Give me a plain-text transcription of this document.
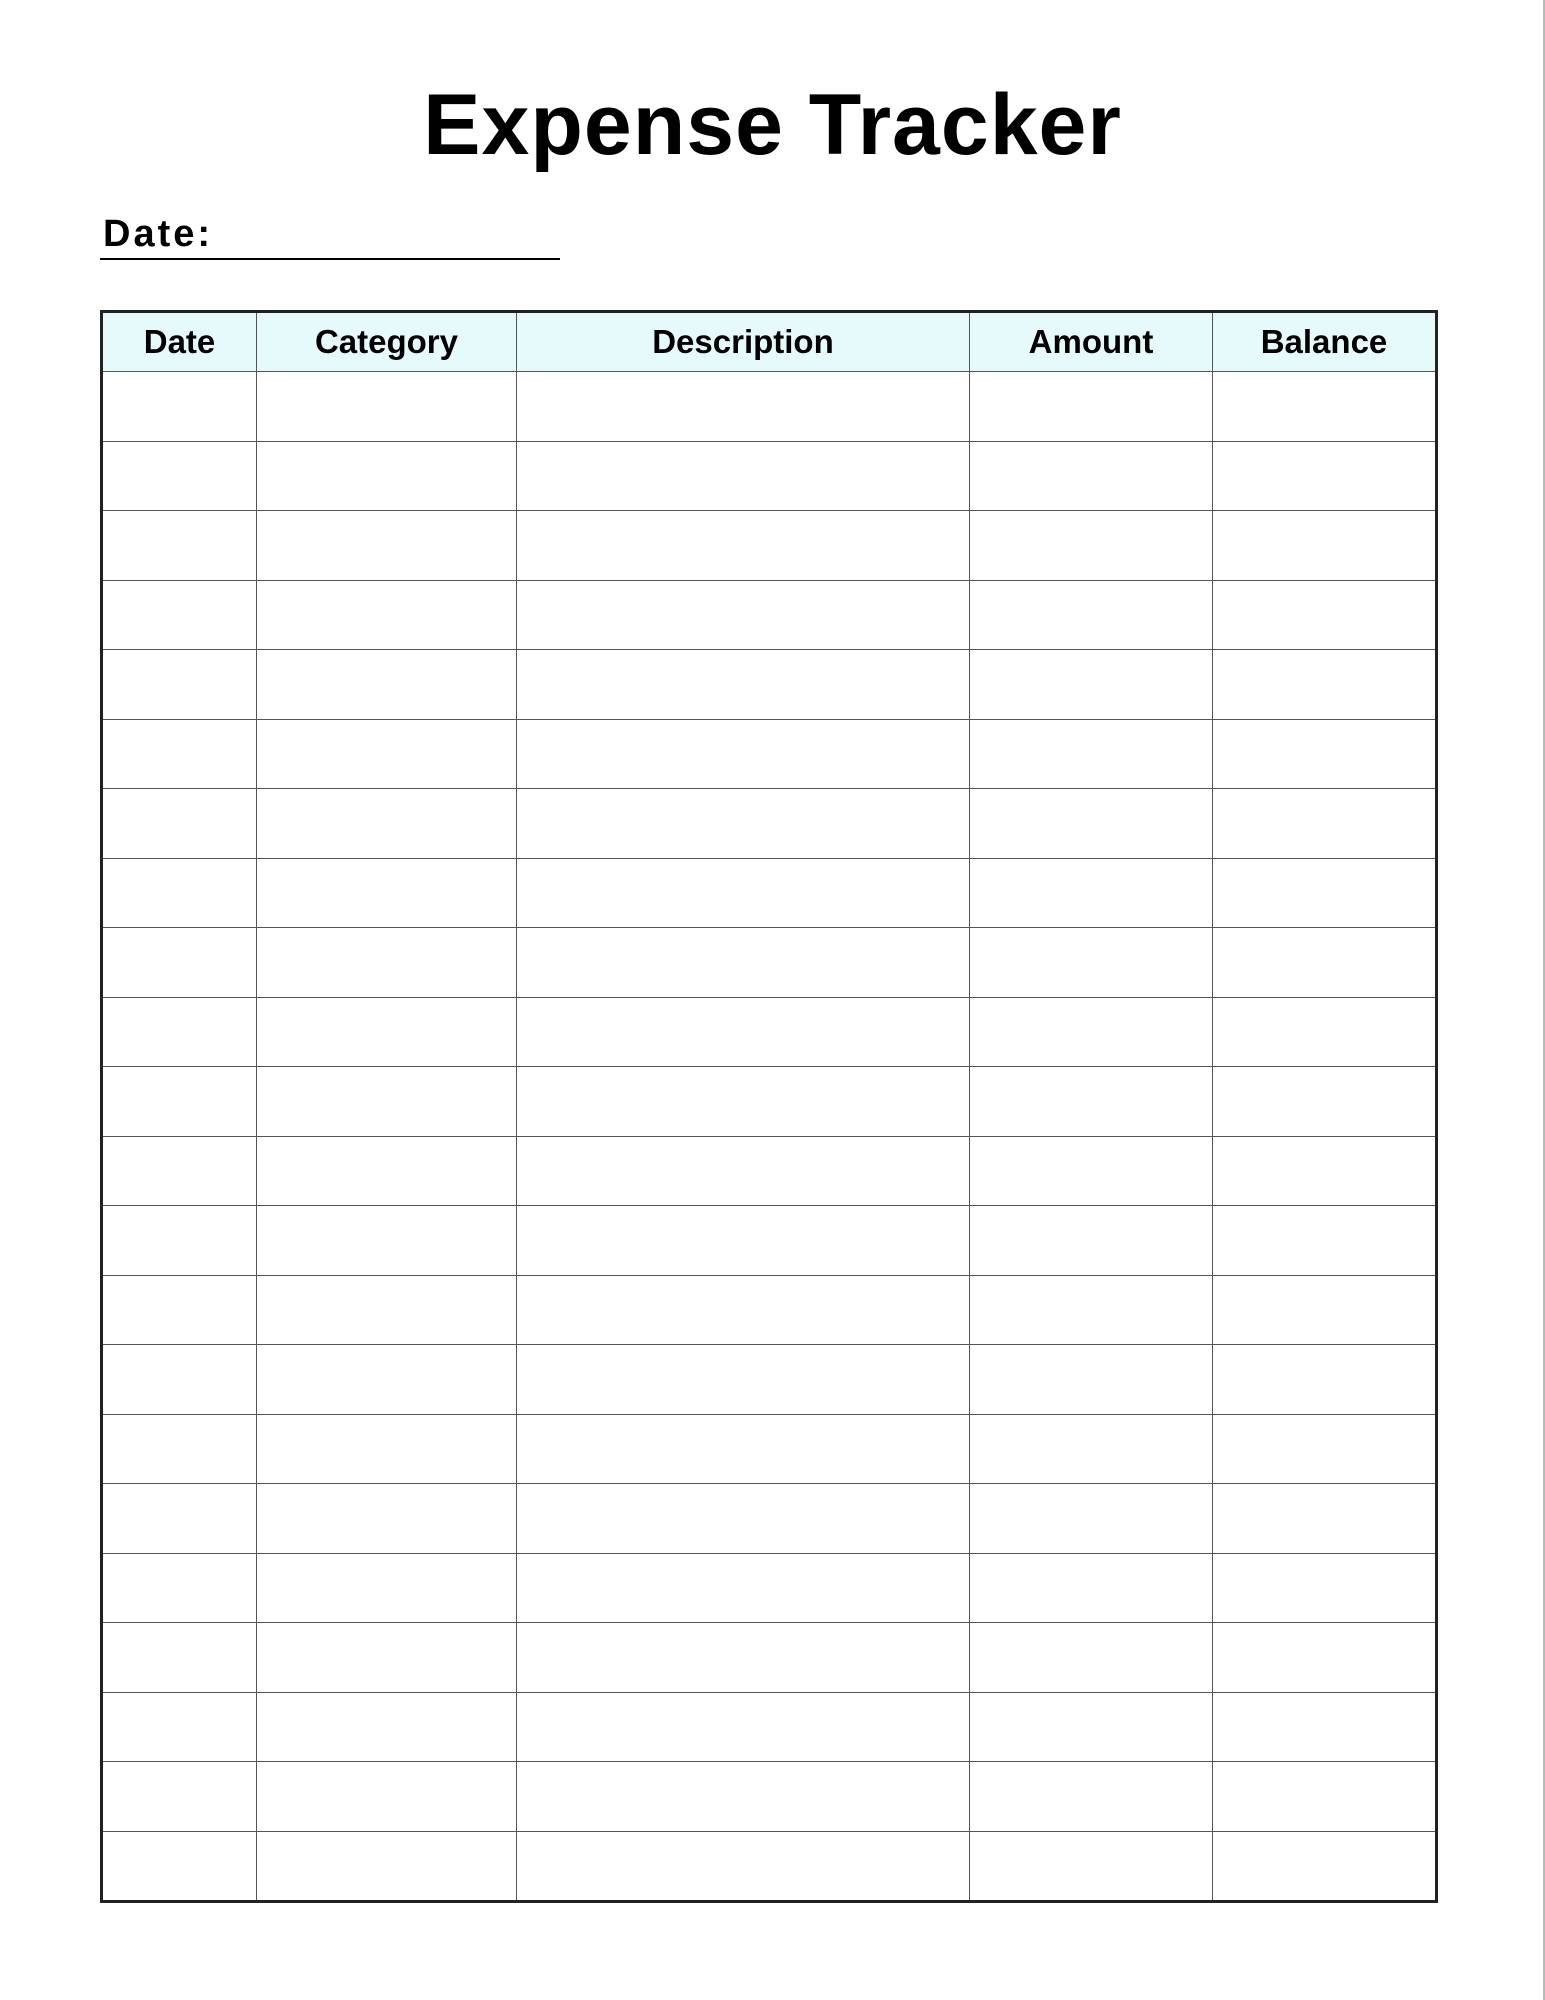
Expense Tracker
Date:
Date	Category	Description	Amount	Balance
